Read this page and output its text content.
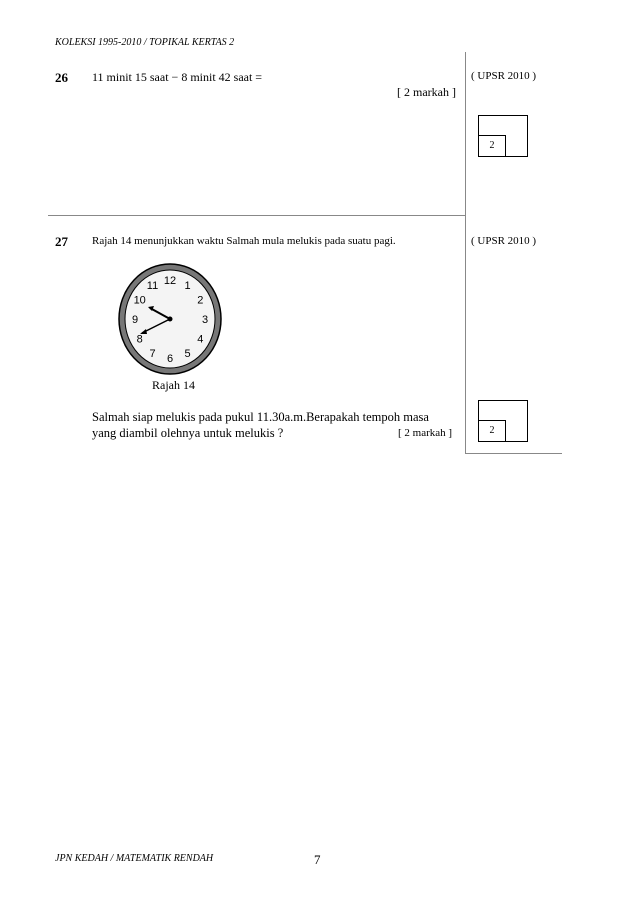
KOLEKSI 1995-2010 / TOPIKAL KERTAS 2
26 11 minit 15 saat − 8 minit 42 saat =
[ 2 markah ]
( UPSR 2010 )
2
27 Rajah 14 menunjukkan waktu Salmah mula melukis pada suatu pagi.	( UPSR 2010 )
12 1
2
3
4
5
6
7
8
9
10
11
Rajah 14
Salmah siap melukis pada pukul 11.30a.m.Berapakah tempoh masa
yang diambil olehnya untuk melukis ?	[ 2 markah ]	2
JPN KEDAH / MATEMATIK RENDAH	7
